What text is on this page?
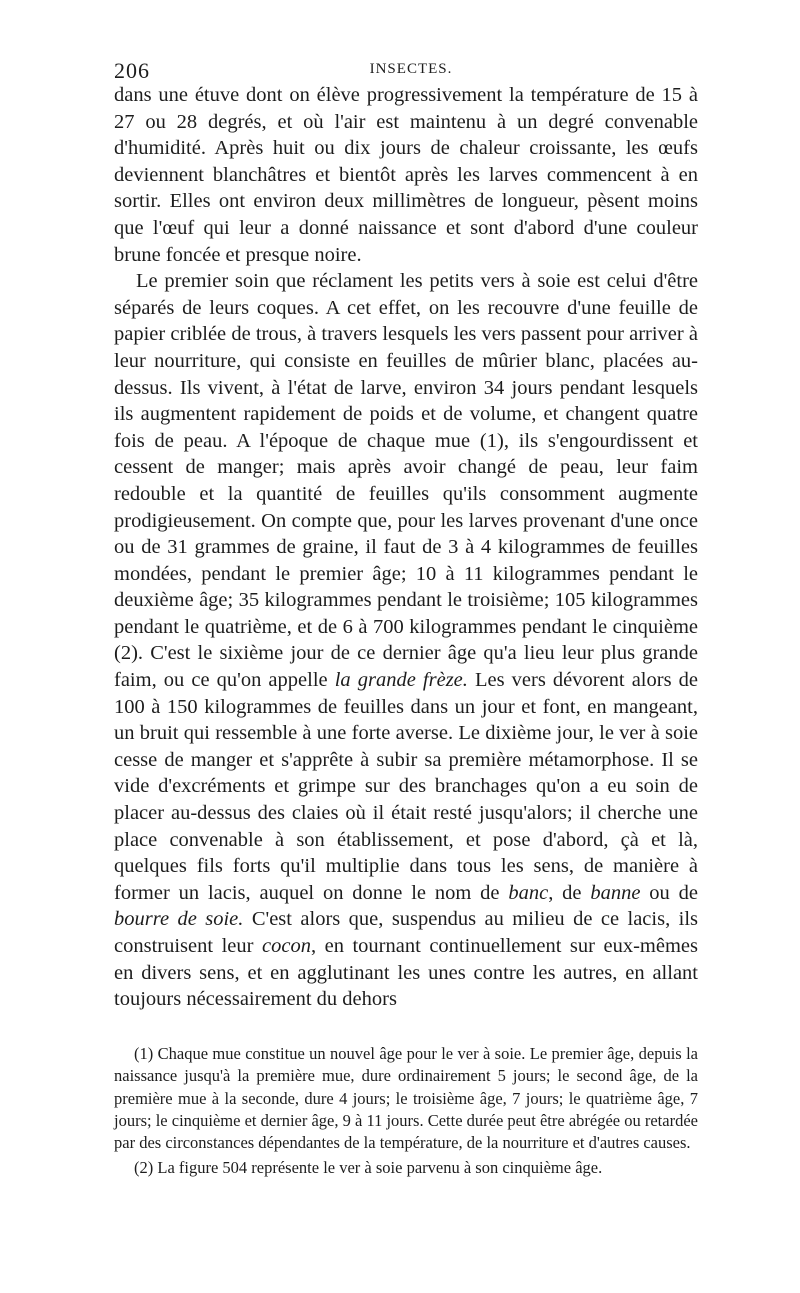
206	INSECTES.

dans une étuve dont on élève progressivement la température de 15 à 27 ou 28 degrés, et où l'air est maintenu à un degré convenable d'humidité. Après huit ou dix jours de chaleur croissante, les œufs deviennent blanchâtres et bientôt après les larves commencent à en sortir. Elles ont environ deux millimètres de longueur, pèsent moins que l'œuf qui leur a donné naissance et sont d'abord d'une couleur brune foncée et presque noire.

Le premier soin que réclament les petits vers à soie est celui d'être séparés de leurs coques. A cet effet, on les recouvre d'une feuille de papier criblée de trous, à travers lesquels les vers passent pour arriver à leur nourriture, qui consiste en feuilles de mûrier blanc, placées au-dessus. Ils vivent, à l'état de larve, environ 34 jours pendant lesquels ils augmentent rapidement de poids et de volume, et changent quatre fois de peau. A l'époque de chaque mue (1), ils s'engourdissent et cessent de manger; mais après avoir changé de peau, leur faim redouble et la quantité de feuilles qu'ils consomment augmente prodigieusement. On compte que, pour les larves provenant d'une once ou de 31 grammes de graine, il faut de 3 à 4 kilogrammes de feuilles mondées, pendant le premier âge; 10 à 11 kilogrammes pendant le deuxième âge; 35 kilogrammes pendant le troisième; 105 kilogrammes pendant le quatrième, et de 6 à 700 kilogrammes pendant le cinquième (2). C'est le sixième jour de ce dernier âge qu'a lieu leur plus grande faim, ou ce qu'on appelle la grande frèze. Les vers dévorent alors de 100 à 150 kilogrammes de feuilles dans un jour et font, en mangeant, un bruit qui ressemble à une forte averse. Le dixième jour, le ver à soie cesse de manger et s'apprête à subir sa première métamorphose. Il se vide d'excréments et grimpe sur des branchages qu'on a eu soin de placer au-dessus des claies où il était resté jusqu'alors; il cherche une place convenable à son établissement, et pose d'abord, çà et là, quelques fils forts qu'il multiplie dans tous les sens, de manière à former un lacis, auquel on donne le nom de banc, de banne ou de bourre de soie. C'est alors que, suspendus au milieu de ce lacis, ils construisent leur cocon, en tournant continuellement sur eux-mêmes en divers sens, et en agglutinant les unes contre les autres, en allant toujours nécessairement du dehors

(1) Chaque mue constitue un nouvel âge pour le ver à soie. Le premier âge, depuis la naissance jusqu'à la première mue, dure ordinairement 5 jours; le second âge, de la première mue à la seconde, dure 4 jours; le troisième âge, 7 jours; le quatrième âge, 7 jours; le cinquième et dernier âge, 9 à 11 jours. Cette durée peut être abrégée ou retardée par des circonstances dépendantes de la température, de la nourriture et d'autres causes.

(2) La figure 504 représente le ver à soie parvenu à son cinquième âge.
